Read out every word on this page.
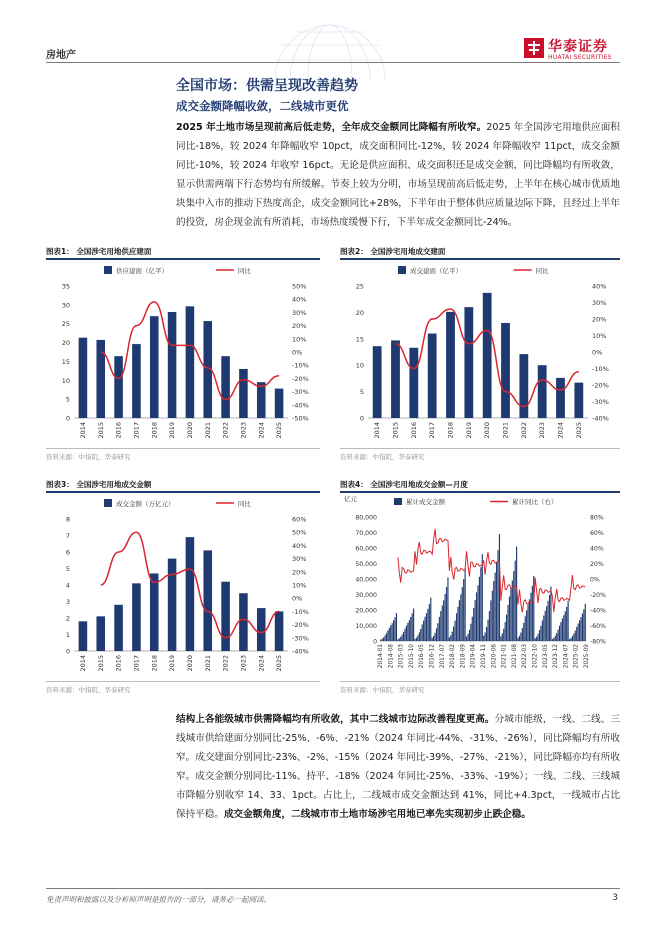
房地产
华泰证券
HUATAI SECURITIES
全国市场：供需呈现改善趋势
成交金额降幅收敛，二线城市更优
2025 年土地市场呈现前高后低走势，全年成交金额同比降幅有所收窄。2025 年全国涉宅用地供应面积同比-18%，较 2024 年降幅收窄 10pct，成交面积同比-12%，较 2024 年降幅收窄 11pct，成交金额同比-10%，较 2024 年收窄 16pct。无论是供应面积、成交面积还是成交金额，同比降幅均有所收敛，显示供需两端下行态势均有所缓解。节奏上较为分明，市场呈现前高后低走势，上半年在核心城市优质地块集中入市的推动下热度高企，成交金额同比+28%，下半年由于整体供应质量边际下降，且经过上半年的投资，房企现金流有所消耗，市场热度缓慢下行，下半年成交金额同比-24%。
图表1： 全国涉宅用地供应建面	图表2： 全国涉宅用地成交建面
供应建面（亿平）	同比
0
5
10
15
20
25
30
35
-50%
-40%
-30%
-20%
-10%
0%
10%
20%
30%
40%
50%
2014 2015 2016 2017 2018 2019 2020 2021 2022 2023 2024 2025
成交建面（亿平）	同比
0
5
10
15
20
25
-40%
-30%
-20%
-10%
0%
10%
20%
30%
40%
2014 2015 2016 2017 2018 2019 2020 2021 2022 2023 2024 2025
资料来源：中指院，华泰研究	资料来源：中指院，华泰研究
图表3： 全国涉宅用地成交金额	图表4： 全国涉宅用地成交金额—月度
成交金额（万亿元）	同比
0
1
2
3
4
5
6
7
8
-40%
-30%
-20%
-10%
0%
10%
20%
30%
40%
50%
60%
2014 2015 2016 2017 2018 2019 2020 2021 2022 2023 2024 2025
累计成交金额	累计同比（右）
亿元
0
10,000
20,000
30,000
40,000
50,000
60,000
70,000
80,000
-80%
-60%
-40%
-20%
0%
20%
40%
60%
80%
2014-01 2014-08 2015-03 2015-10 2016-05 2016-12 2017-07 2018-02 2018-09 2019-04 2019-11 2020-06 2021-01 2021-08 2022-03 2022-10 2023-05 2023-12 2024-07 2025-02 2025-09
资料来源：中指院，华泰研究	资料来源：中指院，华泰研究
结构上各能级城市供需降幅均有所收敛，其中二线城市边际改善程度更高。分城市能级，一线、二线、三线城市供给建面分别同比-25%、-6%、-21%（2024 年同比-44%、-31%、-26%），同比降幅均有所收窄。成交建面分别同比-23%、-2%、-15%（2024 年同比-39%、-27%、-21%），同比降幅亦均有所收窄。成交金额分别同比-11%、持平、-18%（2024 年同比-25%、-33%、-19%）；一线、二线、三线城市降幅分别收窄 14、33、1pct。占比上，二线城市成交金额达到 41%，同比+4.3pct，一线城市占比保持平稳。成交金额角度，二线城市市土地市场涉宅用地已率先实现初步止跌企稳。
免责声明和披露以及分析师声明是报告的一部分，请务必一起阅读。	3
